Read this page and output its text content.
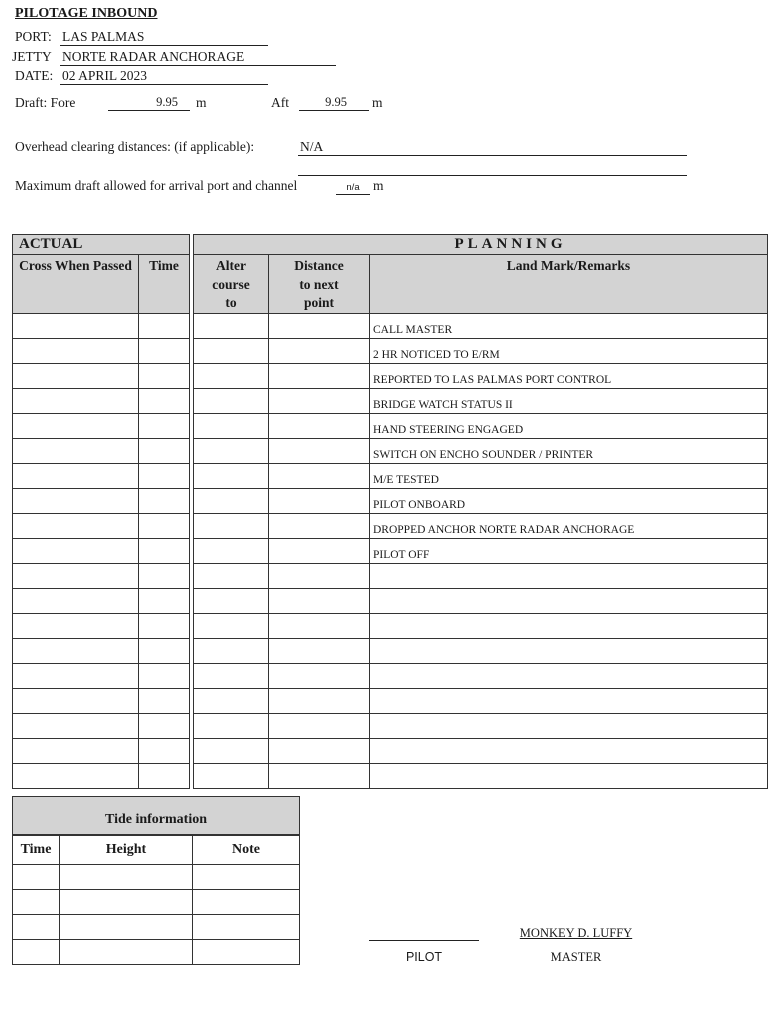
PILOTAGE INBOUND
PORT: LAS PALMAS
JETTY NORTE RADAR ANCHORAGE
DATE: 02 APRIL 2023
Draft: Fore	9.95	m	Aft	9.95	m
Overhead clearing distances: (if applicable):	N/A
Maximum draft allowed for arrival port and channel	n/a m
ACTUAL			PLANNING		
Cross When Passed	Time		Alter course to	Distance to next point	Land Mark/Remarks
					CALL MASTER
					2 HR NOTICED TO E/RM
					REPORTED TO LAS PALMAS PORT CONTROL
					BRIDGE WATCH STATUS II
					HAND STEERING ENGAGED
					SWITCH ON ENCHO SOUNDER / PRINTER
					M/E TESTED
					PILOT ONBOARD
					DROPPED ANCHOR NORTE RADAR ANCHORAGE
					PILOT OFF

Tide information		
Time	Height	Note

PILOT
MONKEY D. LUFFY
MASTER
